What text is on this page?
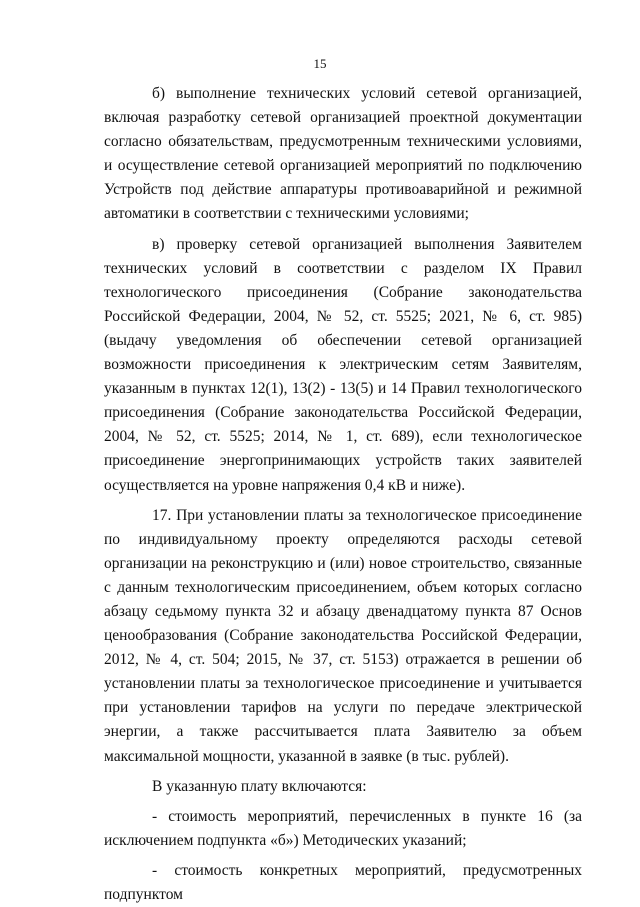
15

б) выполнение технических условий сетевой организацией, включая разработку сетевой организацией проектной документации согласно обязательствам, предусмотренным техническими условиями, и осуществление сетевой организацией мероприятий по подключению Устройств под действие аппаратуры противоаварийной и режимной автоматики в соответствии с техническими условиями;

в) проверку сетевой организацией выполнения Заявителем технических условий в соответствии с разделом IX Правил технологического присоединения (Собрание законодательства Российской Федерации, 2004, № 52, ст. 5525; 2021, № 6, ст. 985) (выдачу уведомления об обеспечении сетевой организацией возможности присоединения к электрическим сетям Заявителям, указанным в пунктах 12(1), 13(2) - 13(5) и 14 Правил технологического присоединения (Собрание законодательства Российской Федерации, 2004, № 52, ст. 5525; 2014, № 1, ст. 689), если технологическое присоединение энергопринимающих устройств таких заявителей осуществляется на уровне напряжения 0,4 кВ и ниже).

17. При установлении платы за технологическое присоединение по индивидуальному проекту определяются расходы сетевой организации на реконструкцию и (или) новое строительство, связанные с данным технологическим присоединением, объем которых согласно абзацу седьмому пункта 32 и абзацу двенадцатому пункта 87 Основ ценообразования (Собрание законодательства Российской Федерации, 2012, № 4, ст. 504; 2015, № 37, ст. 5153) отражается в решении об установлении платы за технологическое присоединение и учитывается при установлении тарифов на услуги по передаче электрической энергии, а также рассчитывается плата Заявителю за объем максимальной мощности, указанной в заявке (в тыс. рублей).

В указанную плату включаются:

- стоимость мероприятий, перечисленных в пункте 16 (за исключением подпункта «б») Методических указаний;

- стоимость конкретных мероприятий, предусмотренных подпунктом
